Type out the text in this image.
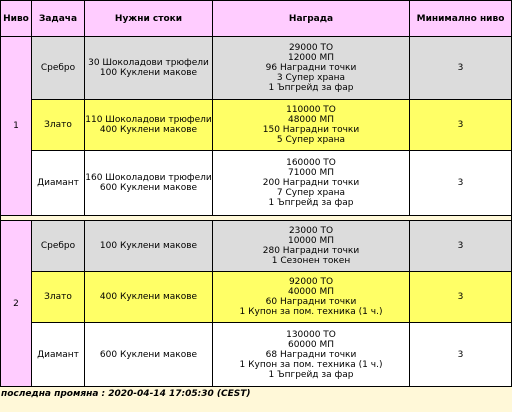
Ниво	Задача	Нужни стоки	Награда	Минимално ниво
1	Сребро	30 Шоколадови трюфели
100 Куклени макове	29000 ТО
12000 МП
96 Наградни точки
3 Супер храна
1 Ъпгрейд за фар	3
	Злато	110 Шоколадови трюфели
400 Куклени макове	110000 ТО
48000 МП
150 Наградни точки
5 Супер храна	3
	Диамант	160 Шоколадови трюфели
600 Куклени макове	160000 ТО
71000 МП
200 Наградни точки
7 Супер храна
1 Ъпгрейд за фар	3

2	Сребро	100 Куклени макове	23000 ТО
10000 МП
280 Наградни точки
1 Сезонен токен	3
	Злато	400 Куклени макове	92000 ТО
40000 МП
60 Наградни точки
1 Купон за пом. техника (1 ч.)	3
	Диамант	600 Куклени макове	130000 ТО
60000 МП
68 Наградни точки
1 Купон за пом. техника (1 ч.)
1 Ъпгрейд за фар	3
последна промяна : 2020-04-14 17:05:30 (CEST)
